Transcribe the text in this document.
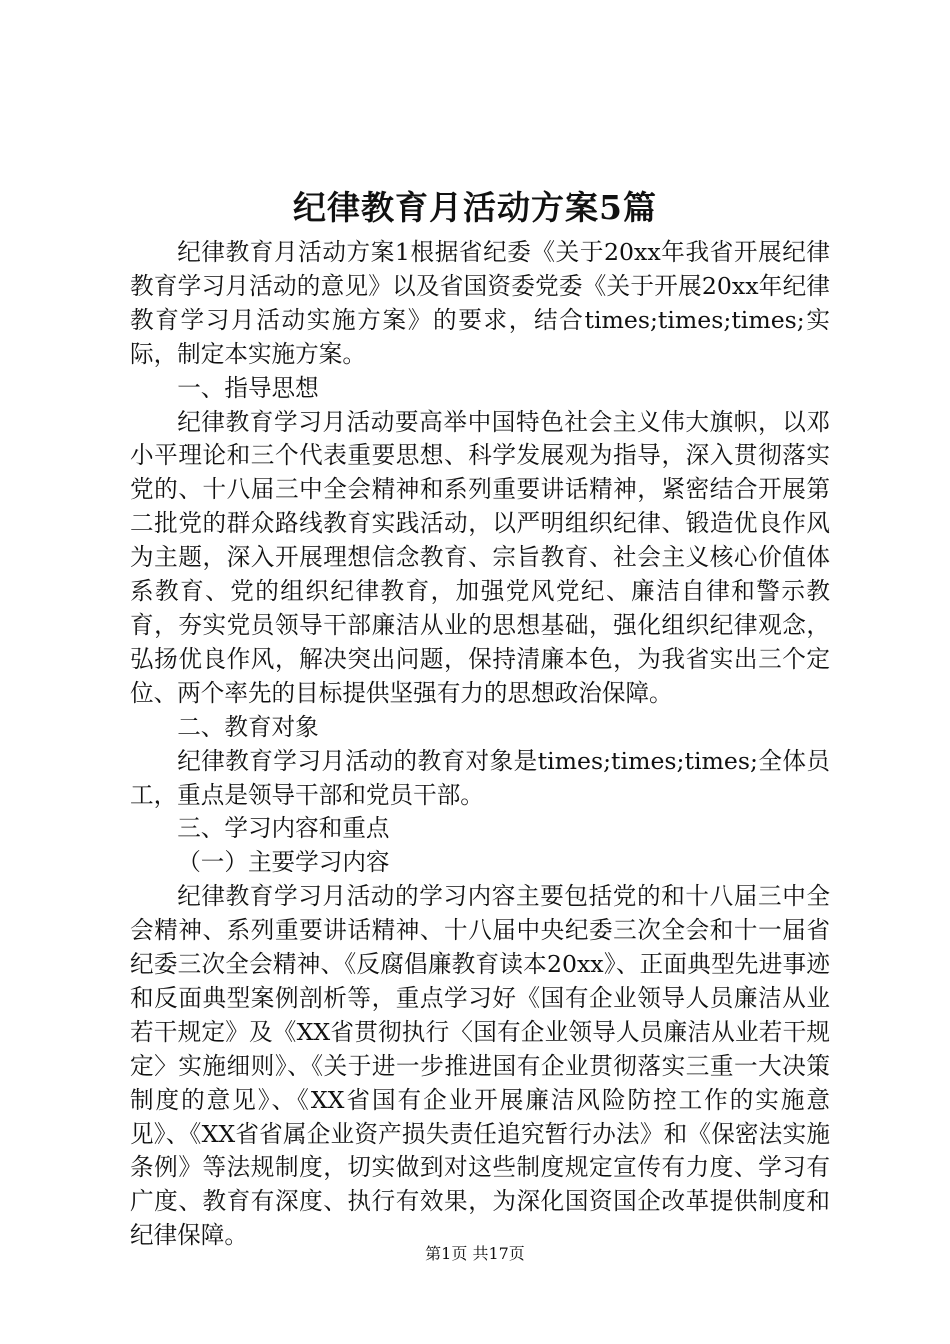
纪律教育月活动方案5篇

纪律教育月活动方案1根据省纪委《关于20xx年我省开展纪律教育学习月活动的意见》以及省国资委党委《关于开展20xx年纪律教育学习月活动实施方案》的要求，结合times;times;times;实际，制定本实施方案。

一、指导思想

纪律教育学习月活动要高举中国特色社会主义伟大旗帜，以邓小平理论和三个代表重要思想、科学发展观为指导，深入贯彻落实党的、十八届三中全会精神和系列重要讲话精神，紧密结合开展第二批党的群众路线教育实践活动，以严明组织纪律、锻造优良作风为主题，深入开展理想信念教育、宗旨教育、社会主义核心价值体系教育、党的组织纪律教育，加强党风党纪、廉洁自律和警示教育，夯实党员领导干部廉洁从业的思想基础，强化组织纪律观念，弘扬优良作风，解决突出问题，保持清廉本色，为我省实出三个定位、两个率先的目标提供坚强有力的思想政治保障。

二、教育对象

纪律教育学习月活动的教育对象是times;times;times;全体员工，重点是领导干部和党员干部。

三、学习内容和重点

（一）主要学习内容

纪律教育学习月活动的学习内容主要包括党的和十八届三中全会精神、系列重要讲话精神、十八届中央纪委三次全会和十一届省纪委三次全会精神、《反腐倡廉教育读本20xx》、正面典型先进事迹和反面典型案例剖析等，重点学习好《国有企业领导人员廉洁从业若干规定》及《XX省贯彻执行〈国有企业领导人员廉洁从业若干规定〉实施细则》、《关于进一步推进国有企业贯彻落实三重一大决策制度的意见》、《XX省国有企业开展廉洁风险防控工作的实施意见》、《XX省省属企业资产损失责任追究暂行办法》和《保密法实施条例》等法规制度，切实做到对这些制度规定宣传有力度、学习有广度、教育有深度、执行有效果，为深化国资国企改革提供制度和纪律保障。

第1页 共17页
